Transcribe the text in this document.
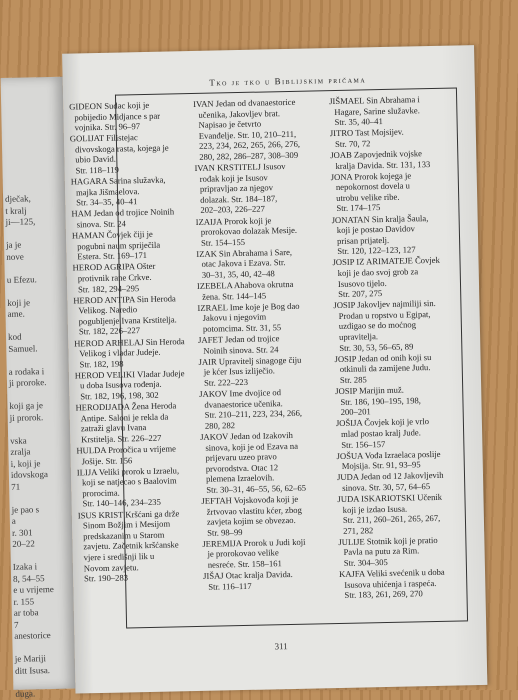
dječak,
t kralj
ji—125,

ja je
nove

u Efezu.

koji je
ame.

kod
Samuel.

a rodaka i
ji proroke.

koji ga je
ji prorok.

vska
zralja
i, koji je
idovskoga
71

je pao s
a
r. 301
20–22

Izaka i
8, 54–55
e u vrijeme
r. 155
ar toba
7
anestorice

je Mariji
ditt Isusa.

duga.
Tko je tko u Biblijskim pričama
GIDEON Sudac koji je
pobijedio Midjance s par
vojnika. Str. 96–97
GOLIJAT Filistejac
divovskoga rasta, kojega je
ubio David.
Str. 118–119
HAGARA Sarina služavka,
majka Jišmaelova.
Str. 34–35, 40–41
HAM Jedan od trojice Noinih
sinova. Str. 24
HAMAN Čovjek čiji je
pogubni naum spriječila
Estera. Str. 169–171
HEROD AGRIPA Ošter
protivnik rane Crkve.
Str. 182, 294–295
HEROD ANTIPA Sin Heroda
Velikog. Naredio
pogubljenje Ivana Krstitelja.
Str. 182, 226–227
HEROD ARHELAJ Sin Heroda
Velikog i vladar Judeje.
Str. 182, 198
HEROD VELIKI Vladar Judeje
u doba Isusova rođenja.
Str. 182, 196, 198, 302
HERODIJADA Žena Heroda
Antipe. Saloni je rekla da
zatraži glavu Ivana
Krstitelja. Str. 226–227
HULDA Proročica u vrijeme
Jošije. Str. 156
ILIJA Veliki prorok u Izraelu,
koji se natjecao s Baalovim
prorocima.
Str. 140–146, 234–235
ISUS KRIST Kršćani ga drže
Sinom Božjim i Mesijom
predskazanim u Starom
zavjetu. Začetnik kršćanske
vjere i središnji lik u
Novom zavjetu.
Str. 190–283
IVAN Jedan od dvanaestorice
učenika, Jakovljev brat.
Napisao je četvrto
Evanđelje. Str. 10, 210–211,
223, 234, 262, 265, 266, 276,
280, 282, 286–287, 308–309
IVAN KRSTITELJ Isusov
rođak koji je Isusov
pripravljao za njegov
dolazak. Str. 184–187,
202–203, 226–227
IZAIJA Prorok koji je
prorokovao dolazak Mesije.
Str. 154–155
IZAK Sin Abrahama i Sare,
otac Jakova i Ezava. Str.
30–31, 35, 40, 42–48
IZEBELA Ahabova okrutna
žena. Str. 144–145
IZRAEL Ime koje je Bog dao
Jakovu i njegovim
potomcima. Str. 31, 55
JAFET Jedan od trojice
Noinih sinova. Str. 24
JAIR Upravitelj sinagoge čiju
je kćer Isus izliječio.
Str. 222–223
JAKOV Ime dvojice od
dvanaestorice učenika.
Str. 210–211, 223, 234, 266,
280, 282
JAKOV Jedan od Izakovih
sinova, koji je od Ezava na
prijevaru uzeo pravo
prvorodstva. Otac 12
plemena Izraelovih.
Str. 30–31, 46–55, 56, 62–65
JEFTAH Vojskovođa koji je
žrtvovao vlastitu kćer, zbog
zavjeta kojim se obvezao.
Str. 98–99
JEREMIJA Prorok u Judi koji
je prorokovao velike
nesreće. Str. 158–161
JIŠAJ Otac kralja Davida.
Str. 116–117
JIŠMAEL Sin Abrahama i
Hagare, Sarine služavke.
Str. 35, 40–41
JITRO Tast Mojsijev.
Str. 70, 72
JOAB Zapovjednik vojske
kralja Davida. Str. 131, 133
JONA Prorok kojega je
nepokornost dovela u
utrobu velike ribe.
Str. 174–175
JONATAN Sin kralja Šaula,
koji je postao Davidov
prisan prijatelj.
Str. 120, 122–123, 127
JOSIP IZ ARIMATEJE Čovjek
koji je dao svoj grob za
Isusovo tijelo.
Str. 207, 275
JOSIP Jakovljev najmiliji sin.
Prodan u ropstvo u Egipat,
uzdigao se do moćnog
upravitelja.
Str. 30, 53, 56–65, 89
JOSIP Jedan od onih koji su
otkinuli da zamijene Judu.
Str. 285
JOSIP Marijin muž.
Str. 186, 190–195, 198,
200–201
JOŠIJA Čovjek koji je vrlo
mlad postao kralj Jude.
Str. 156–157
JOŠUA Vođa Izraelaca poslije
Mojsija. Str. 91, 93–95
JUDA Jedan od 12 Jakovljevih
sinova. Str. 30, 57, 64–65
JUDA ISKARIOTSKI Učenik
koji je izdao Isusa.
Str. 211, 260–261, 265, 267,
271, 282
JULIJE Stotnik koji je pratio
Pavla na putu za Rim.
Str. 304–305
KAJFA Veliki svećenik u doba
Isusova uhićenja i raspeća.
Str. 183, 261, 269, 270
311
